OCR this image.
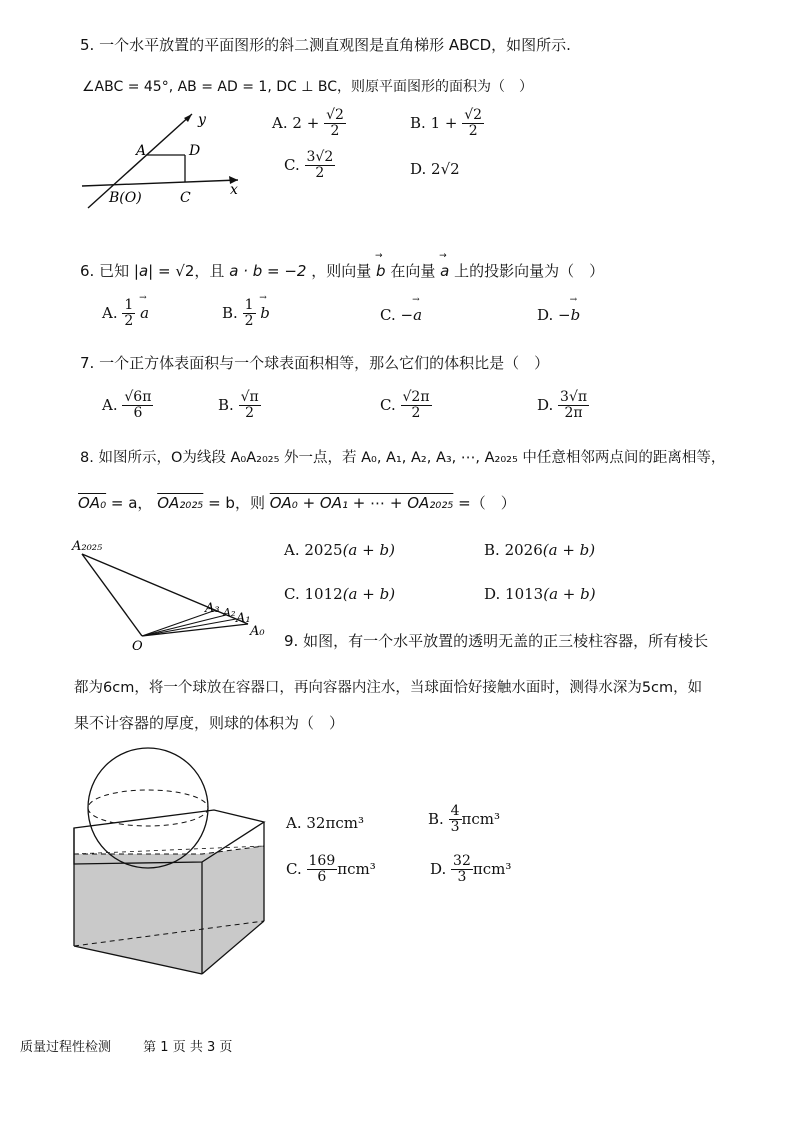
5. 一个水平放置的平面图形的斜二测直观图是直角梯形 ABCD，如图所示.
∠ABC = 45°, AB = AD = 1, DC ⊥ BC，则原平面图形的面积为（　）
y
x
A	D
B(O)	C
A. $2 + \frac{√2}{2}$	B. $1 + \frac{√2}{2}$
C. $\frac{3√2}{2}$	D. 2√2
6. 已知 |a| = √2，且 a · b = −2 ，则向量 → b 在向量 → a 上的投影向量为（　）
A. $\frac{1}{2} \to a$	B. $\frac{1}{2} \to b$	C. −→ a	D. −→ b
7. 一个正方体表面积与一个球表面积相等，那么它们的体积比是（　）
A. $\frac{√6\pi}{6}$	B. $\frac{√\pi}{2}$	C. $\frac{√2\pi}{2}$	D. $\frac{3√\pi}{2\pi}$
8. 如图所示，O为线段 A₀A₂₀₂₅ 外一点，若 A₀, A₁, A₂, A₃, ⋯, A₂₀₂₅ 中任意相邻两点间的距离相等，
OA₀ = a， OA₂₀₂₅ = b，则 OA₀ + OA₁ + ⋯ + OA₂₀₂₅ =（　）
A₂₀₂₅
O
A₀
A₁
A₂
A₃
A. 2025(a + b)	B. 2026(a + b)
C. 1012(a + b)	D. 1013(a + b)
9. 如图，有一个水平放置的透明无盖的正三棱柱容器，所有棱长
都为6cm，将一个球放在容器口，再向容器内注水，当球面恰好接触水面时，测得水深为5cm，如
果不计容器的厚度，则球的体积为（　）
A. 32πcm³	B. $\frac{4}{3} \pi cm^3$
C. $\frac{169}{6} \pi cm^3$	D. $\frac{32}{3} \pi cm^3$
质量过程性检测 第 1 页 共 3 页
